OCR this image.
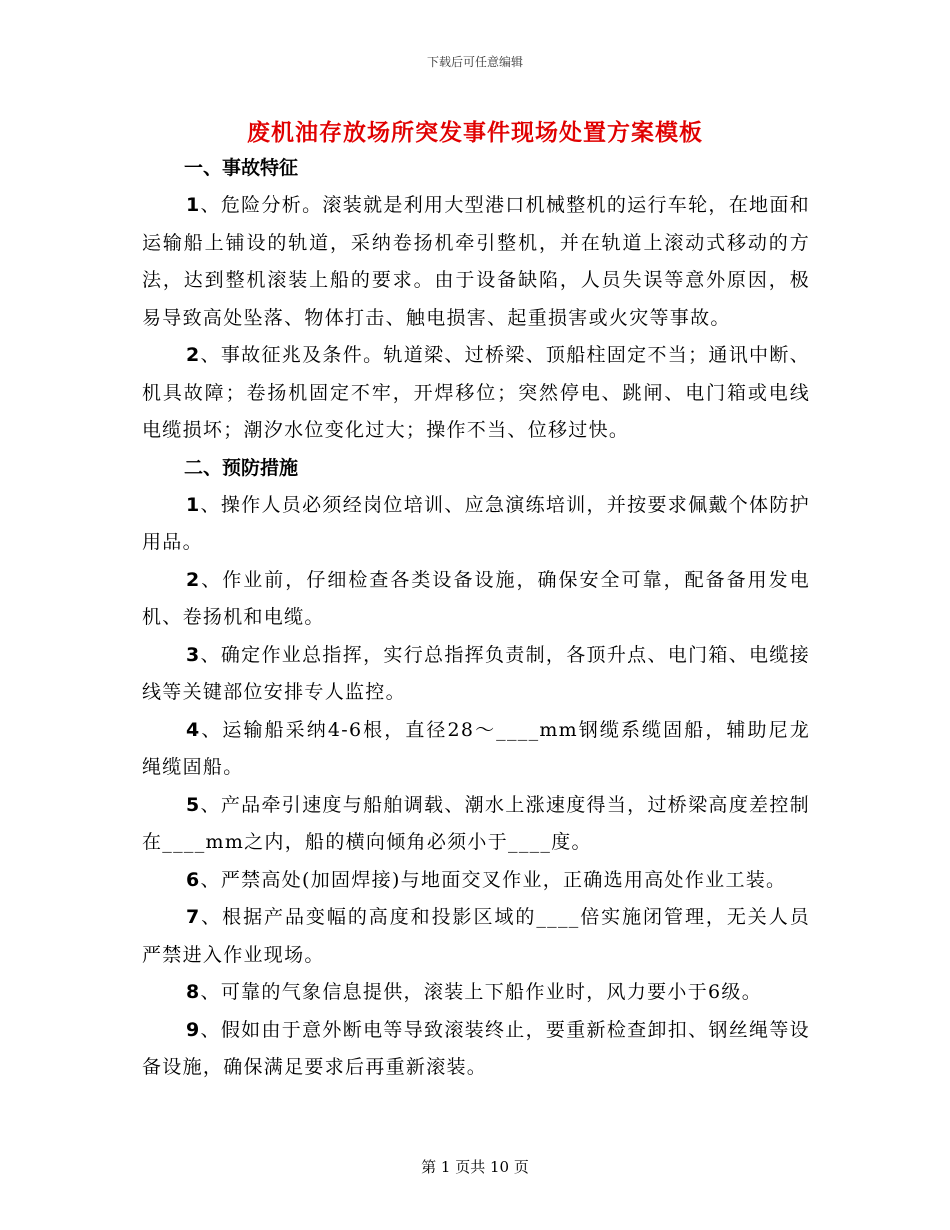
下载后可任意编辑
废机油存放场所突发事件现场处置方案模板
一、事故特征

1、危险分析。滚装就是利用大型港口机械整机的运行车轮，在地面和运输船上铺设的轨道，采纳卷扬机牵引整机，并在轨道上滚动式移动的方法，达到整机滚装上船的要求。由于设备缺陷，人员失误等意外原因，极易导致高处坠落、物体打击、触电损害、起重损害或火灾等事故。

2、事故征兆及条件。轨道梁、过桥梁、顶船柱固定不当；通讯中断、机具故障；卷扬机固定不牢，开焊移位；突然停电、跳闸、电门箱或电线电缆损坏；潮汐水位变化过大；操作不当、位移过快。

二、预防措施

1、操作人员必须经岗位培训、应急演练培训，并按要求佩戴个体防护用品。

2、作业前，仔细检查各类设备设施，确保安全可靠，配备备用发电机、卷扬机和电缆。

3、确定作业总指挥，实行总指挥负责制，各顶升点、电门箱、电缆接线等关键部位安排专人监控。

4、运输船采纳4-6根，直径28～____mm钢缆系缆固船，辅助尼龙绳缆固船。

5、产品牵引速度与船舶调载、潮水上涨速度得当，过桥梁高度差控制在____mm之内，船的横向倾角必须小于____度。

6、严禁高处(加固焊接)与地面交叉作业，正确选用高处作业工装。

7、根据产品变幅的高度和投影区域的____倍实施闭管理，无关人员严禁进入作业现场。

8、可靠的气象信息提供，滚装上下船作业时，风力要小于6级。

9、假如由于意外断电等导致滚装终止，要重新检查卸扣、钢丝绳等设备设施，确保满足要求后再重新滚装。

第 1 页共 10 页
